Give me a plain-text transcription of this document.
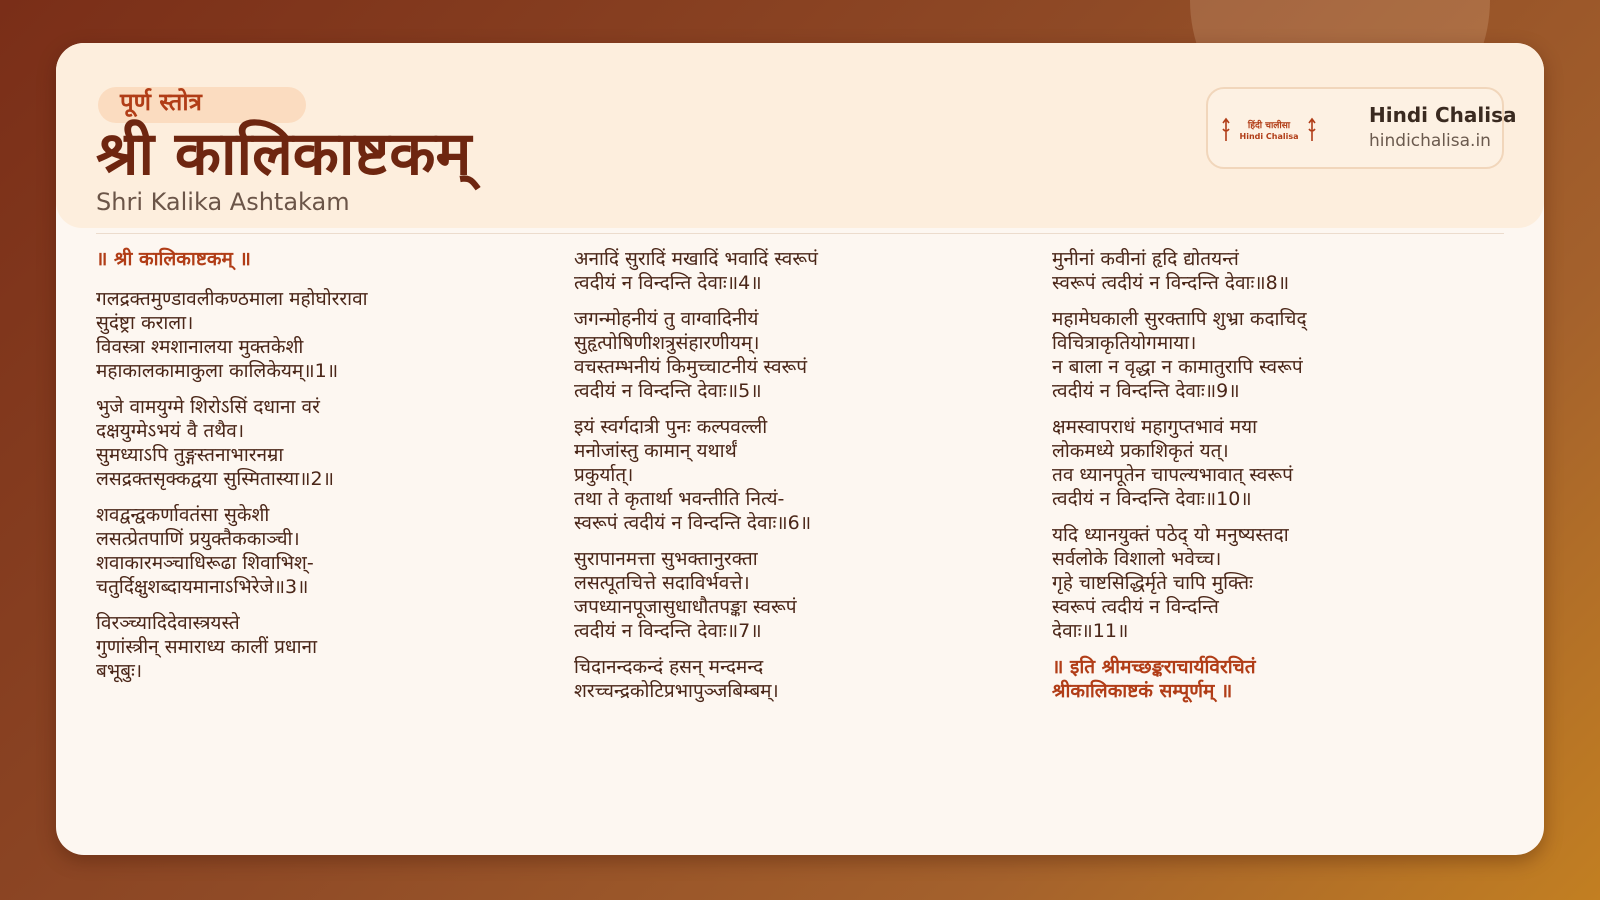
पूर्ण स्तोत्र
श्री कालिकाष्टकम्
Shri Kalika Ashtakam
हिंदी चालीसा
Hindi Chalisa
Hindi Chalisa
hindichalisa.in
॥ श्री कालिकाष्टकम् ॥
गलद्रक्तमुण्डावलीकण्ठमाला महोघोररावा
सुदंष्ट्रा कराला।
विवस्त्रा श्मशानालया मुक्तकेशी
महाकालकामाकुला कालिकेयम्॥1॥
भुजे वामयुग्मे शिरोऽसिं दधाना वरं
दक्षयुग्मेऽभयं वै तथैव।
सुमध्याऽपि तुङ्गस्तनाभारनम्रा
लसद्रक्तसृक्कद्वया सुस्मितास्या॥2॥
शवद्वन्द्वकर्णावतंसा सुकेशी
लसत्प्रेतपाणिं प्रयुक्तैककाञ्ची।
शवाकारमञ्चाधिरूढा शिवाभिश्-
चतुर्दिक्षुशब्दायमानाऽभिरेजे॥3॥
विरञ्च्यादिदेवास्त्रयस्ते
गुणांस्त्रीन् समाराध्य कालीं प्रधाना
बभूबुः।
अनादिं सुरादिं मखादिं भवादिं स्वरूपं
त्वदीयं न विन्दन्ति देवाः॥4॥
जगन्मोहनीयं तु वाग्वादिनीयं
सुहृत्पोषिणीशत्रुसंहारणीयम्।
वचस्तम्भनीयं किमुच्चाटनीयं स्वरूपं
त्वदीयं न विन्दन्ति देवाः॥5॥
इयं स्वर्गदात्री पुनः कल्पवल्ली
मनोजांस्तु कामान् यथार्थं
प्रकुर्यात्।
तथा ते कृतार्था भवन्तीति नित्यं-
स्वरूपं त्वदीयं न विन्दन्ति देवाः॥6॥
सुरापानमत्ता सुभक्तानुरक्ता
लसत्पूतचित्ते सदाविर्भवत्ते।
जपध्यानपूजासुधाधौतपङ्का स्वरूपं
त्वदीयं न विन्दन्ति देवाः॥7॥
चिदानन्दकन्दं हसन् मन्दमन्द
शरच्चन्द्रकोटिप्रभापुञ्जबिम्बम्।
मुनीनां कवीनां हृदि द्योतयन्तं
स्वरूपं त्वदीयं न विन्दन्ति देवाः॥8॥
महामेघकाली सुरक्तापि शुभ्रा कदाचिद्
विचित्राकृतियोगमाया।
न बाला न वृद्धा न कामातुरापि स्वरूपं
त्वदीयं न विन्दन्ति देवाः॥9॥
क्षमस्वापराधं महागुप्तभावं मया
लोकमध्ये प्रकाशिकृतं यत्।
तव ध्यानपूतेन चापल्यभावात् स्वरूपं
त्वदीयं न विन्दन्ति देवाः॥10॥
यदि ध्यानयुक्तं पठेद् यो मनुष्यस्तदा
सर्वलोके विशालो भवेच्च।
गृहे चाष्टसिद्धिर्मृते चापि मुक्तिः
स्वरूपं त्वदीयं न विन्दन्ति
देवाः॥11॥
॥ इति श्रीमच्छङ्कराचार्यविरचितं
श्रीकालिकाष्टकं सम्पूर्णम् ॥
